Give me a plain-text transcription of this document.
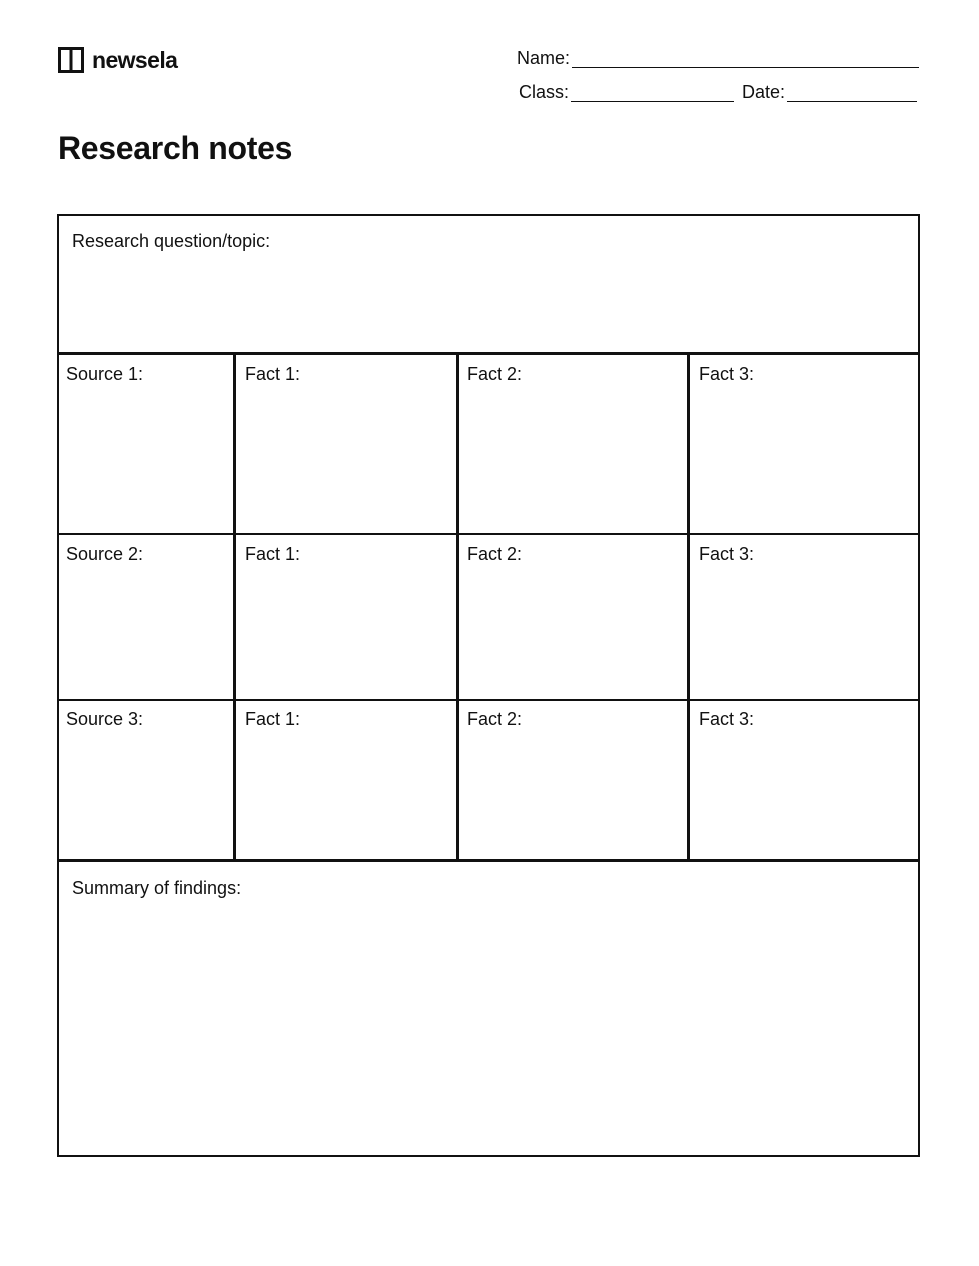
newsela	Name:
Class:	Date:
Research notes
Research question/topic:
Source 1:	Fact 1:	Fact 2:	Fact 3:
Source 2:	Fact 1:	Fact 2:	Fact 3:
Source 3:	Fact 1:	Fact 2:	Fact 3:
Summary of findings:
